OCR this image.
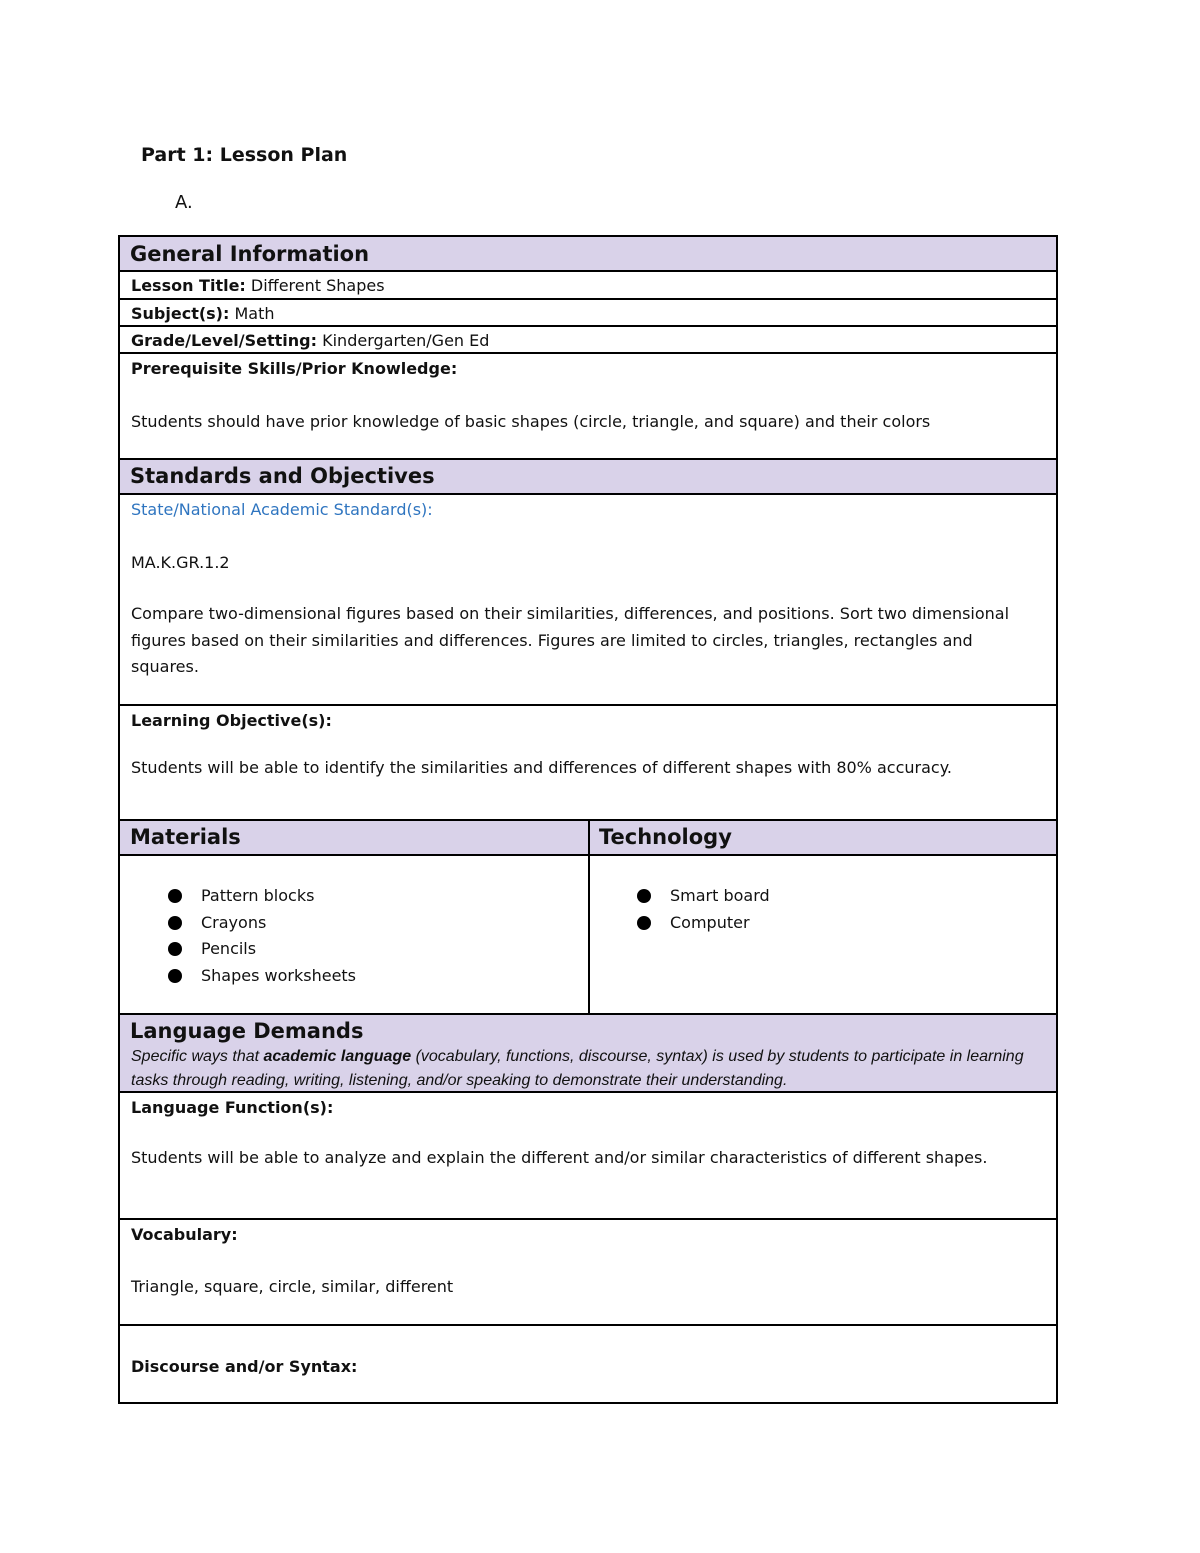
Part 1: Lesson Plan
A.
General Information
Lesson Title: Different Shapes
Subject(s): Math
Grade/Level/Setting: Kindergarten/Gen Ed
Prerequisite Skills/Prior Knowledge:
Students should have prior knowledge of basic shapes (circle, triangle, and square) and their colors
Standards and Objectives
State/National Academic Standard(s):
MA.K.GR.1.2
Compare two-dimensional figures based on their similarities, differences, and positions. Sort two dimensional figures based on their similarities and differences. Figures are limited to circles, triangles, rectangles and squares.
Learning Objective(s):
Students will be able to identify the similarities and differences of different shapes with 80% accuracy.
Materials	Technology
Pattern blocks
Crayons
Pencils
Shapes worksheets
Smart board
Computer
Language Demands
Specific ways that academic language (vocabulary, functions, discourse, syntax) is used by students to participate in learning tasks through reading, writing, listening, and/or speaking to demonstrate their understanding.
Language Function(s):
Students will be able to analyze and explain the different and/or similar characteristics of different shapes.
Vocabulary:
Triangle, square, circle, similar, different
Discourse and/or Syntax:
